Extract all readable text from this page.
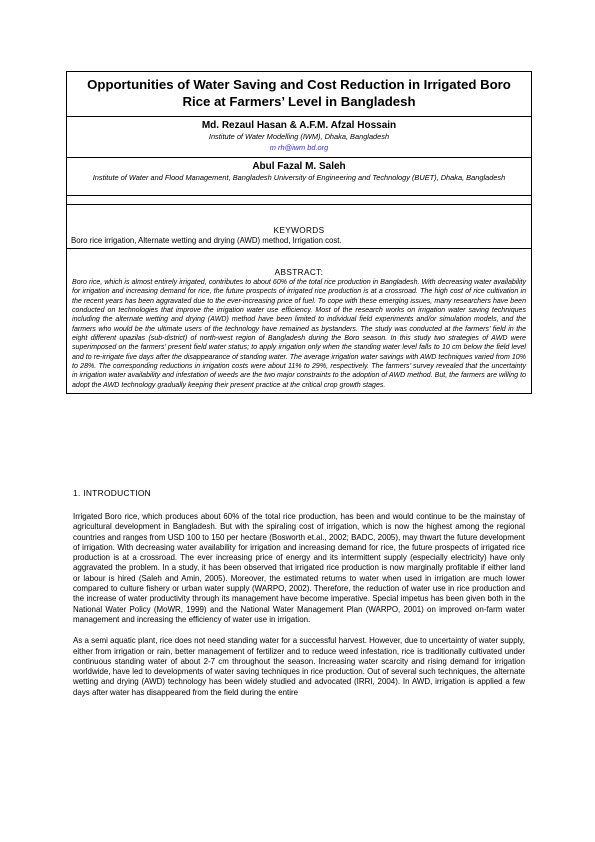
Opportunities of Water Saving and Cost Reduction in Irrigated Boro Rice at Farmers’ Level in Bangladesh
Md. Rezaul Hasan & A.F.M. Afzal Hossain
Institute of Water Modelling (IWM), Dhaka, Bangladesh
m rh@iwm bd.org
Abul Fazal M. Saleh
Institute of Water and Flood Management, Bangladesh University of Engineering and Technology (BUET), Dhaka, Bangladesh
KEYWORDS
Boro rice irrigation, Alternate wetting and drying (AWD) method, Irrigation cost.
ABSTRACT:
Boro rice, which is almost entirely irrigated, contributes to about 60% of the total rice production in Bangladesh. With decreasing water availability for irrigation and increasing demand for rice, the future prospects of irrigated rice production is at a crossroad. The high cost of rice cultivation in the recent years has been aggravated due to the ever-increasing price of fuel. To cope with these emerging issues, many researchers have been conducted on technologies that improve the irrigation water use efficiency. Most of the research works on irrigation water saving techniques including the alternate wetting and drying (AWD) method have been limited to individual field experiments and/or simulation models, and the farmers who would be the ultimate users of the technology have remained as bystanders. The study was conducted at the farmers’ field in the eight different upazilas (sub-district) of north-west region of Bangladesh during the Boro season. In this study two strategies of AWD were superimposed on the farmers’ present field water status; to apply irrigation only when the standing water level falls to 10 cm below the field level and to re-irrigate five days after the disappearance of standing water. The average irrigation water savings with AWD techniques varied from 10% to 28%. The corresponding reductions in irrigation costs were about 11% to 29%, respectively. The farmers’ survey revealed that the uncertainty in irrigation water availability and infestation of weeds are the two major constraints to the adoption of AWD method. But, the farmers are willing to adopt the AWD technology gradually keeping their present practice at the critical crop growth stages.
1. INTRODUCTION

Irrigated Boro rice, which produces about 60% of the total rice production, has been and would continue to be the mainstay of agricultural development in Bangladesh. But with the spiraling cost of irrigation, which is now the highest among the regional countries and ranges from USD 100 to 150 per hectare (Bosworth et.al., 2002; BADC, 2005), may thwart the future development of irrigation. With decreasing water availability for irrigation and increasing demand for rice, the future prospects of irrigated rice production is at a crossroad. The ever increasing price of energy and its intermittent supply (especially electricity) have only aggravated the problem. In a study, it has been observed that irrigated rice production is now marginally profitable if either land or labour is hired (Saleh and Amin, 2005). Moreover, the estimated returns to water when used in irrigation are much lower compared to culture fishery or urban water supply (WARPO, 2002). Therefore, the reduction of water use in rice production and the increase of water productivity through its management have become imperative. Special impetus has been given both in the National Water Policy (MoWR, 1999) and the National Water Management Plan (WARPO, 2001) on improved on-farm water management and increasing the efficiency of water use in irrigation.

As a semi aquatic plant, rice does not need standing water for a successful harvest. However, due to uncertainty of water supply, either from irrigation or rain, better management of fertilizer and to reduce weed infestation, rice is traditionally cultivated under continuous standing water of about 2-7 cm throughout the season. Increasing water scarcity and rising demand for irrigation worldwide, have led to developments of water saving techniques in rice production. Out of several such techniques, the alternate wetting and drying (AWD) technology has been widely studied and advocated (IRRI, 2004). In AWD, irrigation is applied a few days after water has disappeared from the field during the entire
